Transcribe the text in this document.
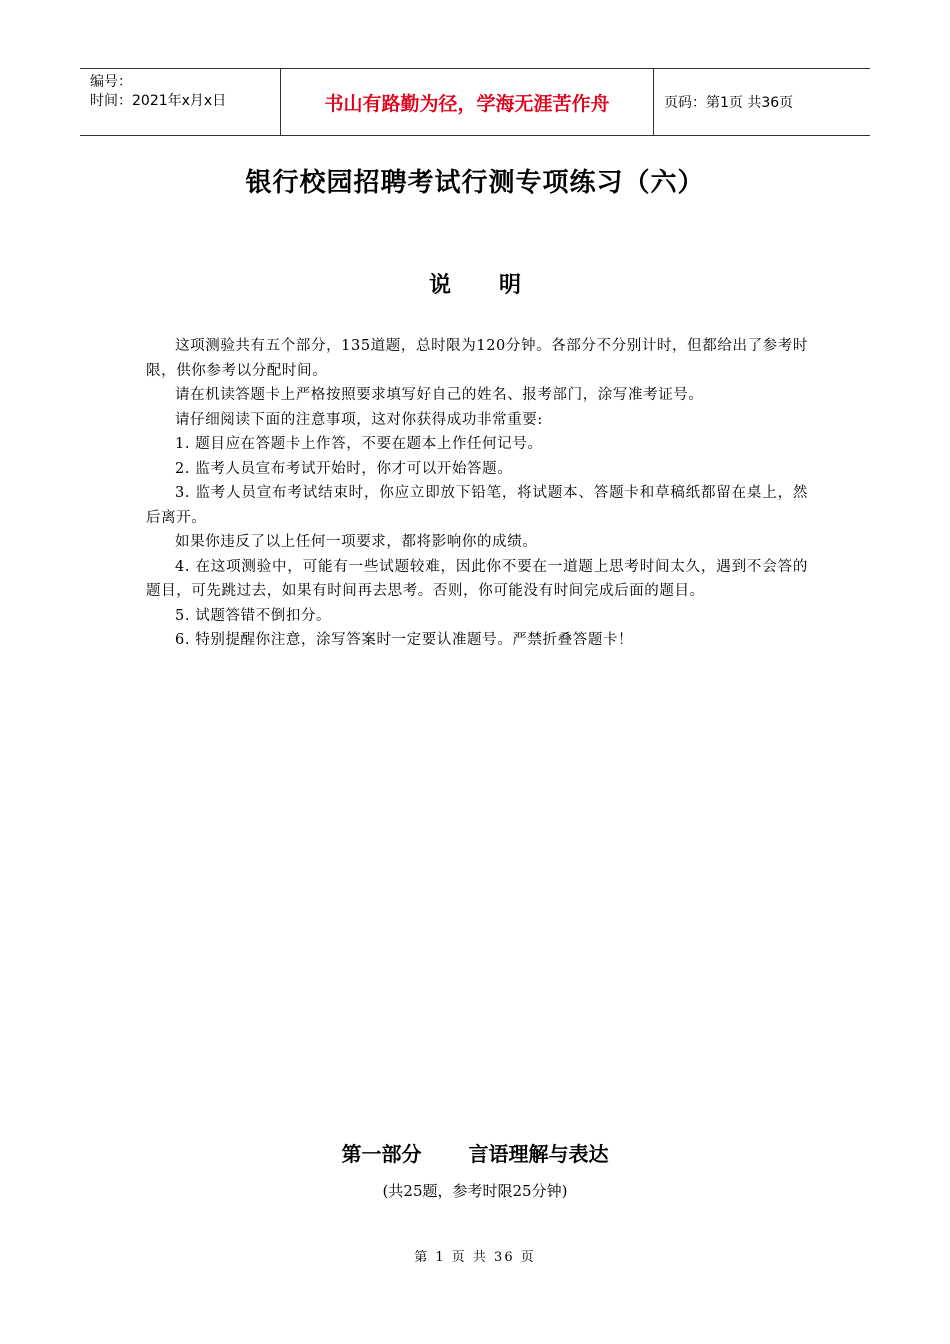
编号：
时间：2021年x月x日	书山有路勤为径，学海无涯苦作舟	页码：第1页 共36页
银行校园招聘考试行测专项练习（六）
说明

这项测验共有五个部分，135道题，总时限为120分钟。各部分不分别计时，但都给出了参考时限，供你参考以分配时间。

请在机读答题卡上严格按照要求填写好自己的姓名、报考部门，涂写准考证号。

请仔细阅读下面的注意事项，这对你获得成功非常重要:

1. 题目应在答题卡上作答，不要在题本上作任何记号。

2. 监考人员宣布考试开始时，你才可以开始答题。

3. 监考人员宣布考试结束时，你应立即放下铅笔，将试题本、答题卡和草稿纸都留在桌上，然后离开。

如果你违反了以上任何一项要求，都将影响你的成绩。

4. 在这项测验中，可能有一些试题较难，因此你不要在一道题上思考时间太久，遇到不会答的题目，可先跳过去，如果有时间再去思考。否则，你可能没有时间完成后面的题目。

5. 试题答错不倒扣分。

6. 特别提醒你注意，涂写答案时一定要认准题号。严禁折叠答题卡！

第一部分 言语理解与表达
(共25题，参考时限25分钟)
第 1 页 共 36 页
